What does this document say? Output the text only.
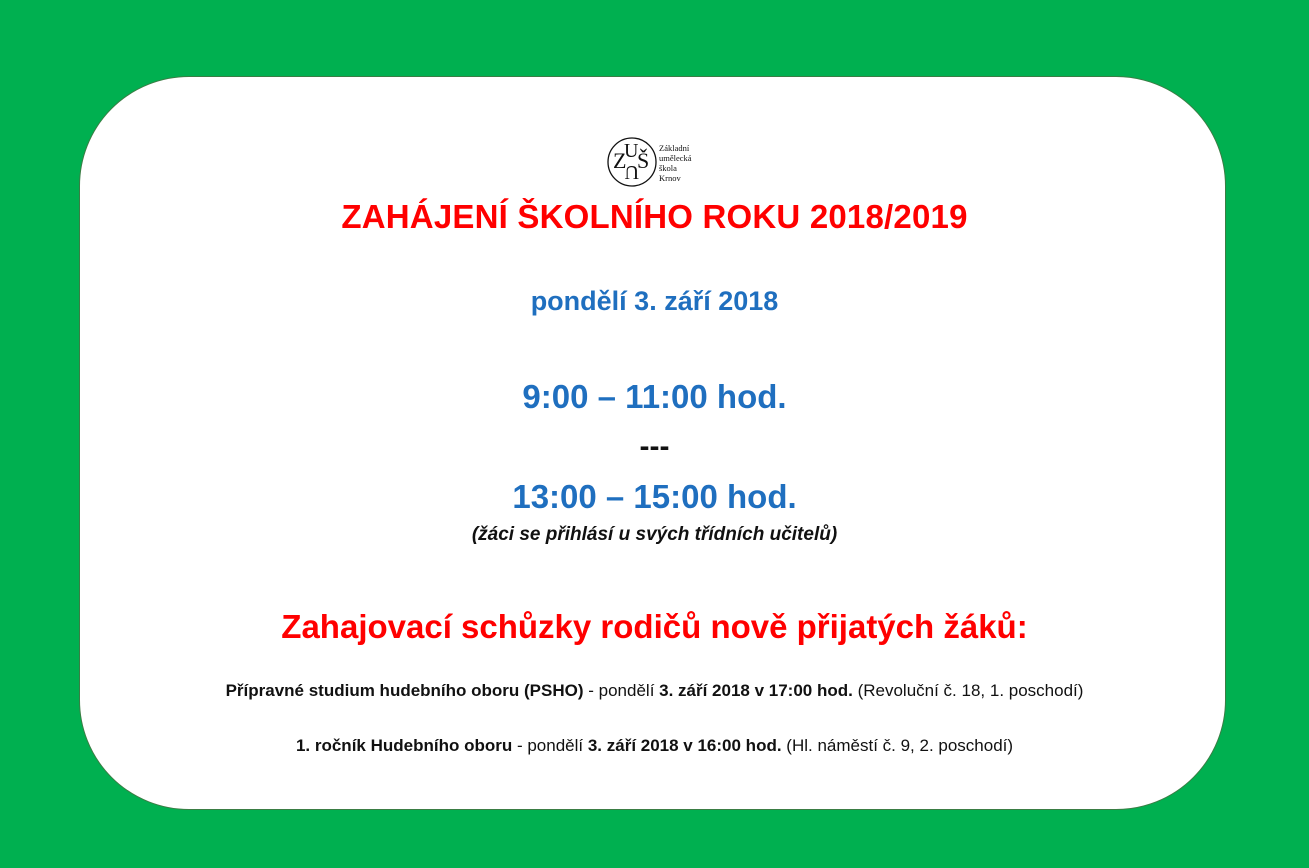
Z
U
U
Š Základní
umělecká
škola
Krnov
ZAHÁJENÍ ŠKOLNÍHO ROKU 2018/2019
pondělí 3. září 2018
9:00 – 11:00 hod.
---
13:00 – 15:00 hod.
(žáci se přihlásí u svých třídních učitelů)
Zahajovací schůzky rodičů nově přijatých žáků:
Přípravné studium hudebního oboru (PSHO) - pondělí 3. září 2018 v 17:00 hod. (Revoluční č. 18, 1. poschodí)
1. ročník Hudebního oboru - pondělí 3. září 2018 v 16:00 hod. (Hl. náměstí č. 9, 2. poschodí)
